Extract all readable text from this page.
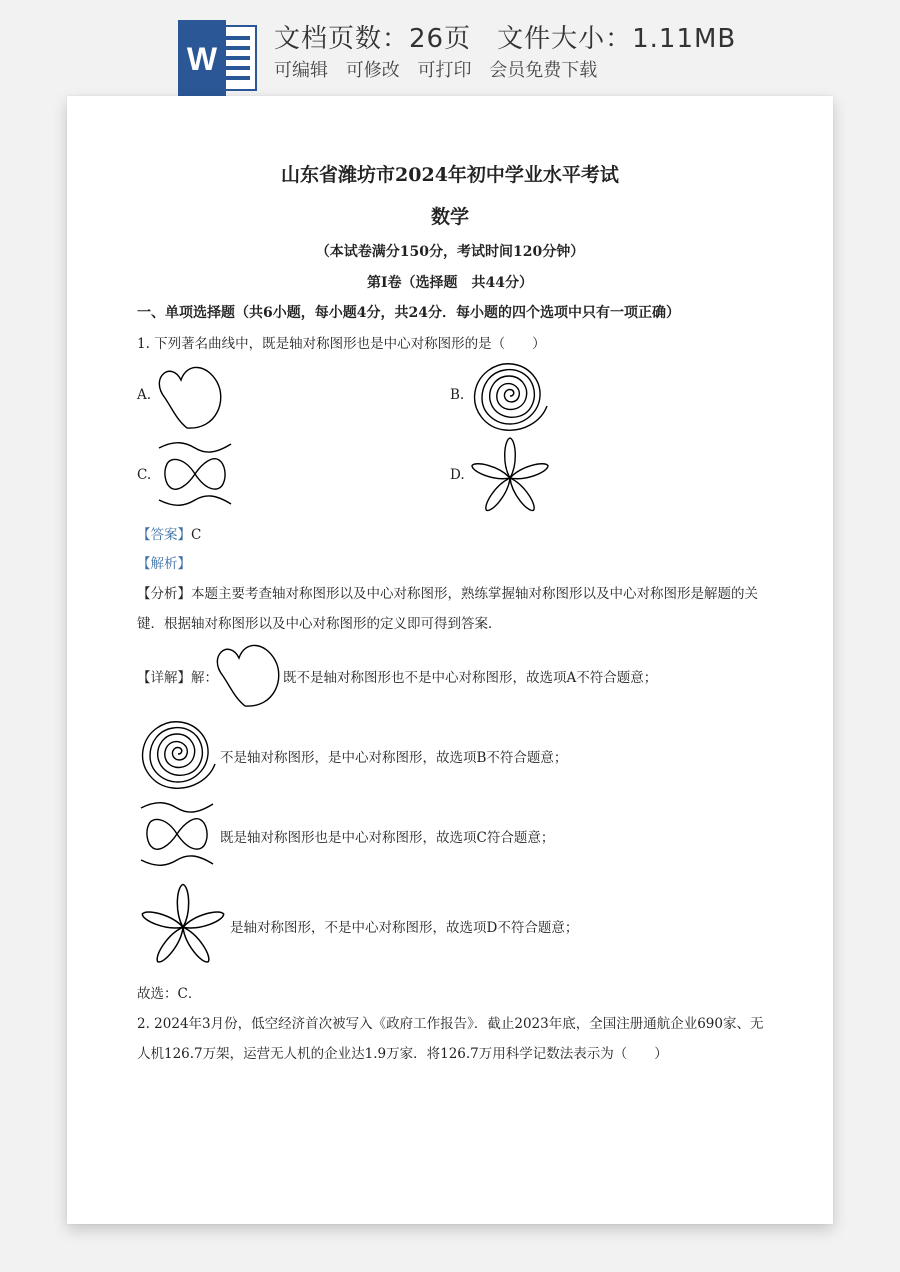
W
文档页数：26页 文件大小：1.11MB
可编辑 可修改 可打印 会员免费下载
山东省潍坊市2024年初中学业水平考试
数学
（本试卷满分150分，考试时间120分钟）
第Ⅰ卷（选择题　共44分）
一、单项选择题（共6小题，每小题4分，共24分．每小题的四个选项中只有一项正确）
1. 下列著名曲线中，既是轴对称图形也是中心对称图形的是（　　）
A.	B.
C.	D.
【答案】C
【解析】
【分析】本题主要考查轴对称图形以及中心对称图形，熟练掌握轴对称图形以及中心对称图形是解题的关
键．根据轴对称图形以及中心对称图形的定义即可得到答案．
【详解】解：	既不是轴对称图形也不是中心对称图形，故选项A不符合题意；
不是轴对称图形，是中心对称图形，故选项B不符合题意；
既是轴对称图形也是中心对称图形，故选项C符合题意；
是轴对称图形，不是中心对称图形，故选项D不符合题意；
故选：C．
2. 2024年3月份，低空经济首次被写入《政府工作报告》．截止2023年底，全国注册通航企业690家、无
人机126.7万架，运营无人机的企业达1.9万家．将126.7万用科学记数法表示为（　　）
